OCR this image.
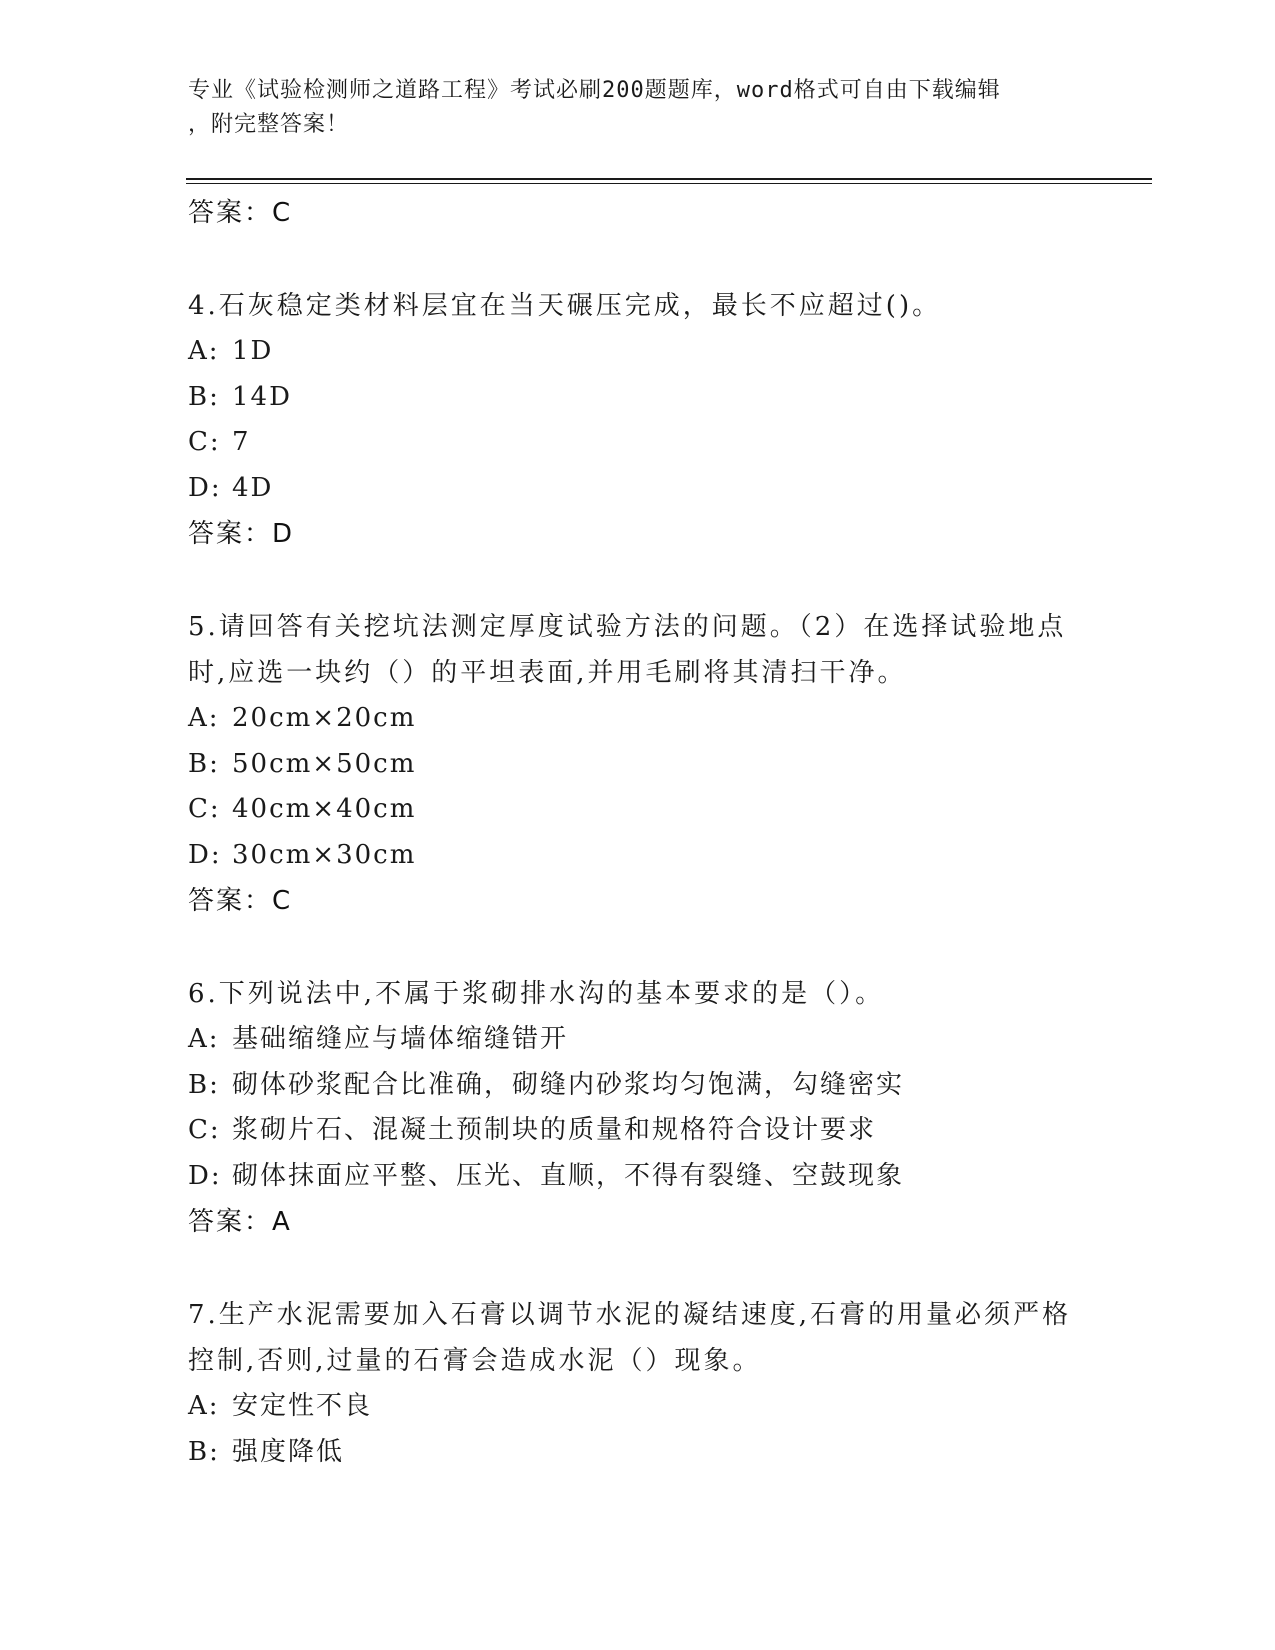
专业《试验检测师之道路工程》考试必刷200题题库，word格式可自由下载编辑
，附完整答案！

答案：C

4.石灰稳定类材料层宜在当天碾压完成，最长不应超过()。

A: 1D

B: 14D

C: 7

D: 4D

答案：D

5.请回答有关挖坑法测定厚度试验方法的问题。（2）在选择试验地点时,应选一块约（）的平坦表面,并用毛刷将其清扫干净。

A: 20cm×20cm

B: 50cm×50cm

C: 40cm×40cm

D: 30cm×30cm

答案：C

6.下列说法中,不属于浆砌排水沟的基本要求的是（）。

A: 基础缩缝应与墙体缩缝错开

B: 砌体砂浆配合比准确，砌缝内砂浆均匀饱满，勾缝密实

C: 浆砌片石、混凝土预制块的质量和规格符合设计要求

D: 砌体抹面应平整、压光、直顺，不得有裂缝、空鼓现象

答案：A

7.生产水泥需要加入石膏以调节水泥的凝结速度,石膏的用量必须严格控制,否则,过量的石膏会造成水泥（）现象。

A: 安定性不良

B: 强度降低
